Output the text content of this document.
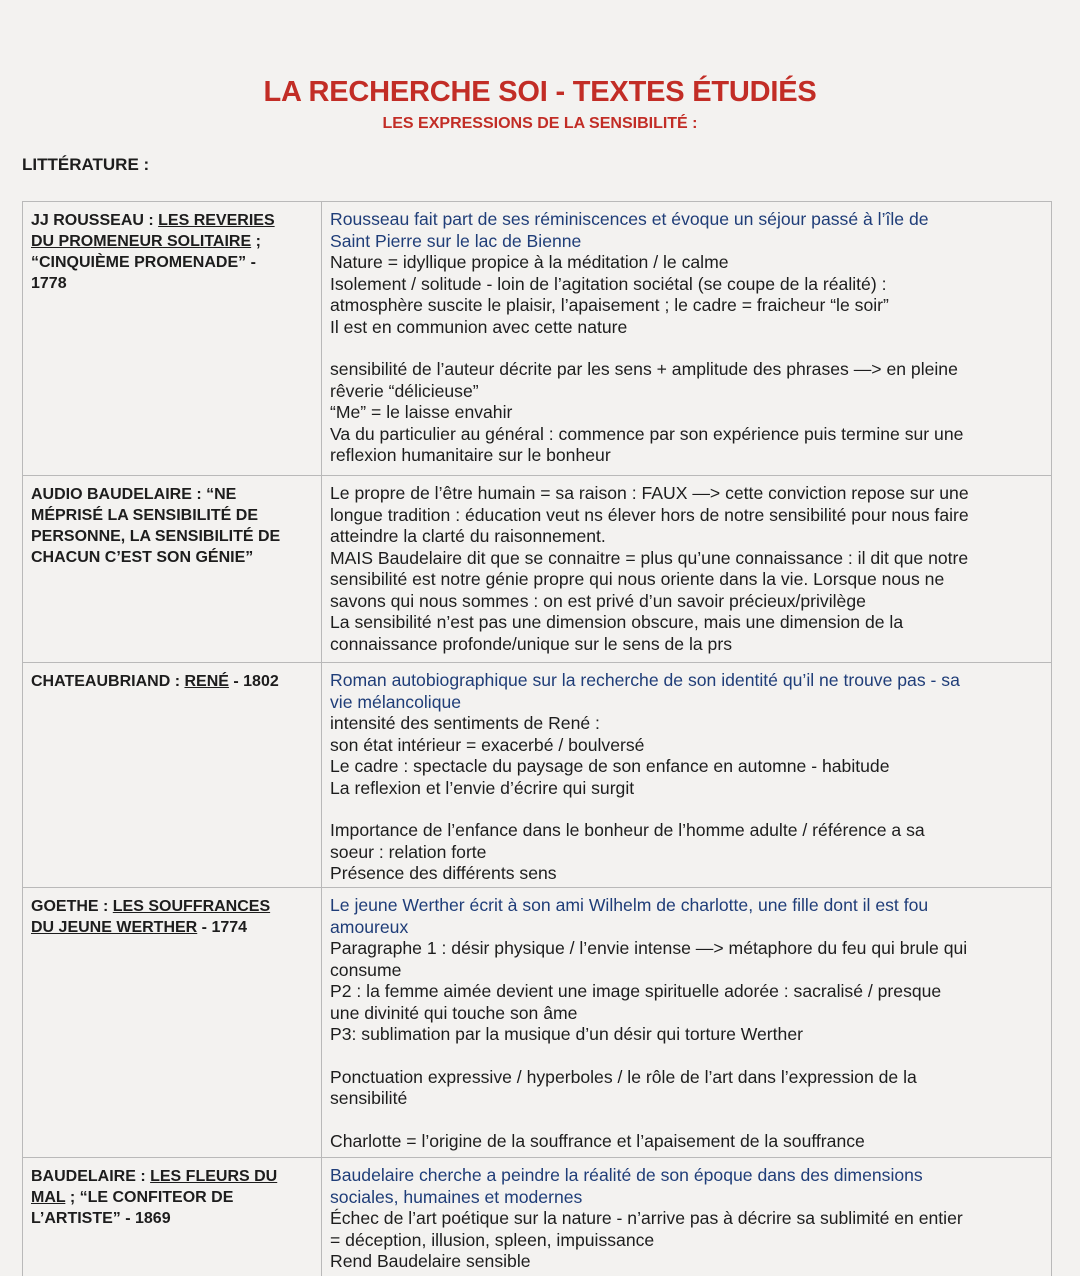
LA RECHERCHE SOI - TEXTES ÉTUDIÉS
LES EXPRESSIONS DE LA SENSIBILITÉ :
LITTÉRATURE :
JJ ROUSSEAU : LES REVERIES
DU PROMENEUR SOLITAIRE ;
“CINQUIÈME PROMENADE” -
1778
Rousseau fait part de ses réminiscences et évoque un séjour passé à l’île de
Saint Pierre sur le lac de Bienne
Nature = idyllique propice à la méditation / le calme
Isolement / solitude - loin de l’agitation sociétal (se coupe de la réalité) :
atmosphère suscite le plaisir, l’apaisement ; le cadre = fraicheur “le soir”
Il est en communion avec cette nature
sensibilité de l’auteur décrite par les sens + amplitude des phrases —> en pleine
rêverie “délicieuse”
“Me” = le laisse envahir
Va du particulier au général : commence par son expérience puis termine sur une
reflexion humanitaire sur le bonheur
AUDIO BAUDELAIRE : “NE
MÉPRISÉ LA SENSIBILITÉ DE
PERSONNE, LA SENSIBILITÉ DE
CHACUN C’EST SON GÉNIE”
Le propre de l’être humain = sa raison : FAUX —> cette conviction repose sur une
longue tradition : éducation veut ns élever hors de notre sensibilité pour nous faire
atteindre la clarté du raisonnement.
MAIS Baudelaire dit que se connaitre = plus qu’une connaissance : il dit que notre
sensibilité est notre génie propre qui nous oriente dans la vie. Lorsque nous ne
savons qui nous sommes : on est privé d’un savoir précieux/privilège
La sensibilité n’est pas une dimension obscure, mais une dimension de la
connaissance profonde/unique sur le sens de la prs
CHATEAUBRIAND : RENÉ - 1802	Roman autobiographique sur la recherche de son identité qu’il ne trouve pas - sa
vie mélancolique
intensité des sentiments de René :
son état intérieur = exacerbé / boulversé
Le cadre : spectacle du paysage de son enfance en automne - habitude
La reflexion et l’envie d’écrire qui surgit
Importance de l’enfance dans le bonheur de l’homme adulte / référence a sa
soeur : relation forte
Présence des différents sens
GOETHE : LES SOUFFRANCES
DU JEUNE WERTHER - 1774
Le jeune Werther écrit à son ami Wilhelm de charlotte, une fille dont il est fou
amoureux
Paragraphe 1 : désir physique / l’envie intense —> métaphore du feu qui brule qui
consume
P2 : la femme aimée devient une image spirituelle adorée : sacralisé / presque
une divinité qui touche son âme
P3: sublimation par la musique d’un désir qui torture Werther
Ponctuation expressive / hyperboles / le rôle de l’art dans l’expression de la
sensibilité
Charlotte = l’origine de la souffrance et l’apaisement de la souffrance
BAUDELAIRE : LES FLEURS DU
MAL ; “LE CONFITEOR DE
L’ARTISTE” - 1869
Baudelaire cherche a peindre la réalité de son époque dans des dimensions
sociales, humaines et modernes
Échec de l’art poétique sur la nature - n’arrive pas à décrire sa sublimité en entier
= déception, illusion, spleen, impuissance
Rend Baudelaire sensible
